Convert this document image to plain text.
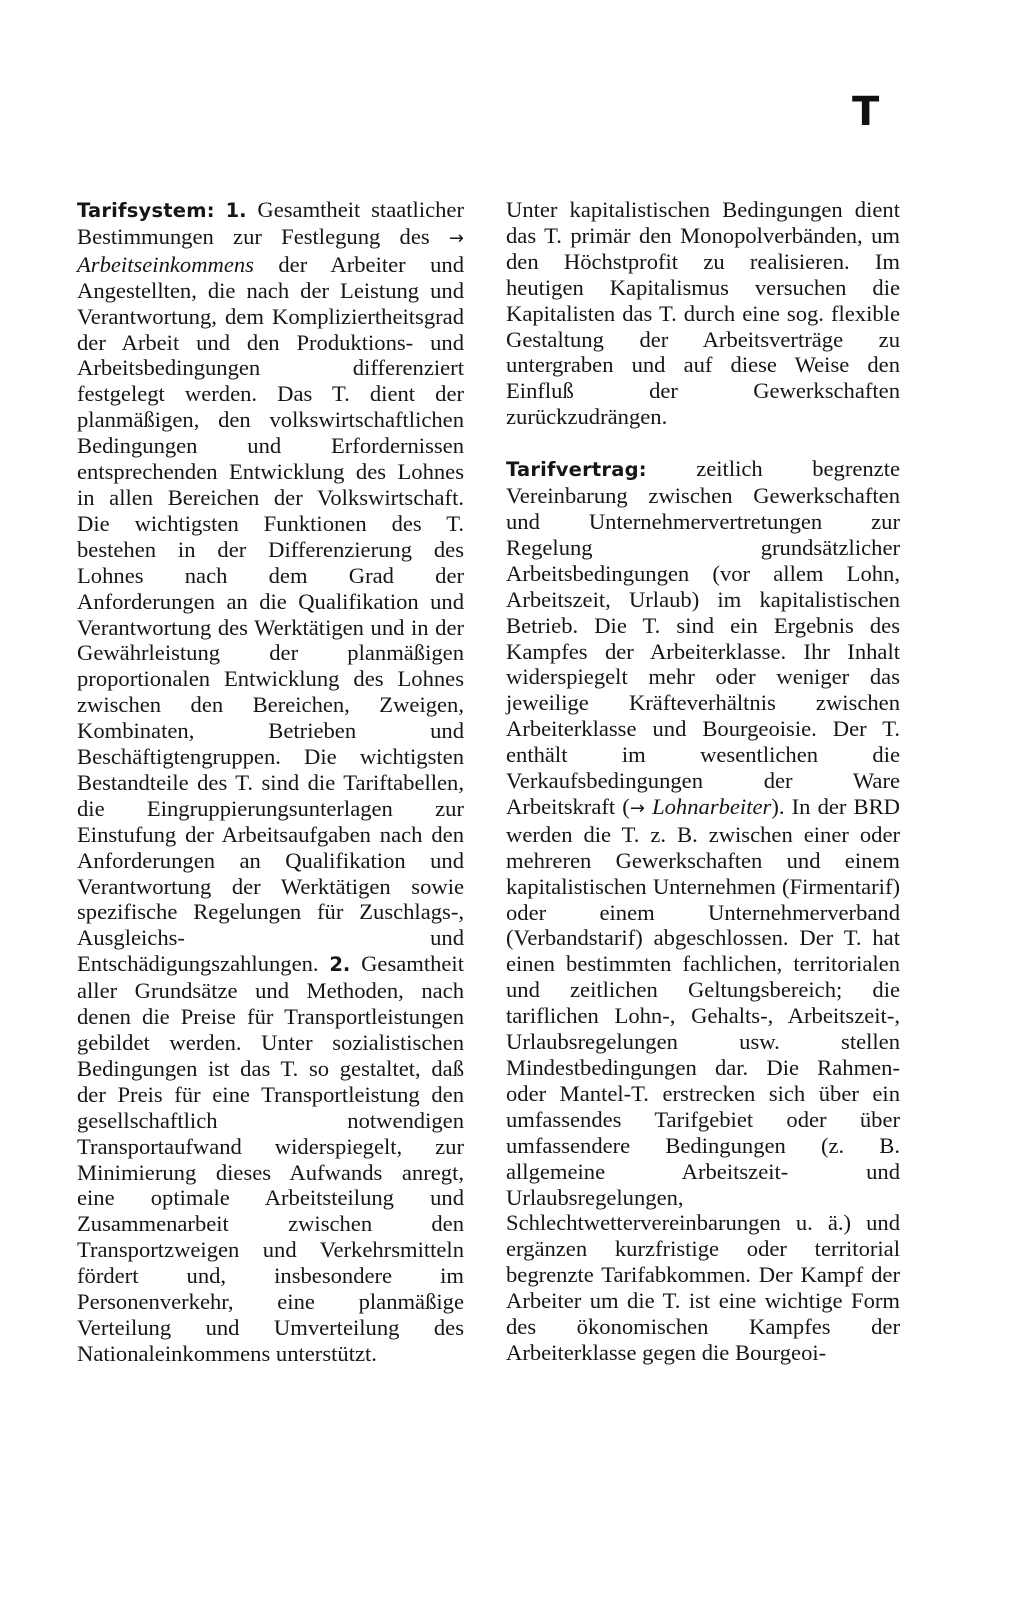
T

Tarifsystem: 1. Gesamtheit staatlicher Bestimmungen zur Festlegung des → Arbeitseinkommens der Arbeiter und Angestellten, die nach der Leistung und Verantwortung, dem Kompliziertheitsgrad der Arbeit und den Produktions- und Arbeitsbedingungen differenziert festgelegt werden. Das T. dient der planmäßigen, den volkswirtschaftlichen Bedingungen und Erfordernissen entsprechenden Entwicklung des Lohnes in allen Bereichen der Volkswirtschaft. Die wichtigsten Funktionen des T. bestehen in der Differenzierung des Lohnes nach dem Grad der Anforderungen an die Qualifikation und Verantwortung des Werktätigen und in der Gewährleistung der planmäßigen proportionalen Entwicklung des Lohnes zwischen den Bereichen, Zweigen, Kombinaten, Betrieben und Beschäftigtengruppen. Die wichtigsten Bestandteile des T. sind die Tariftabellen, die Eingruppierungsunterlagen zur Einstufung der Arbeitsaufgaben nach den Anforderungen an Qualifikation und Verantwortung der Werktätigen sowie spezifische Regelungen für Zuschlags-, Ausgleichs- und Entschädigungszahlungen. 2. Gesamtheit aller Grundsätze und Methoden, nach denen die Preise für Transportleistungen gebildet werden. Unter sozialistischen Bedingungen ist das T. so gestaltet, daß der Preis für eine Transportleistung den gesellschaftlich notwendigen Transportaufwand widerspiegelt, zur Minimierung dieses Aufwands anregt, eine optimale Arbeitsteilung und Zusammenarbeit zwischen den Transportzweigen und Verkehrsmitteln fördert und, insbesondere im Personenverkehr, eine planmäßige Verteilung und Umverteilung des Nationaleinkommens unterstützt.

Unter kapitalistischen Bedingungen dient das T. primär den Monopolverbänden, um den Höchstprofit zu realisieren. Im heutigen Kapitalismus versuchen die Kapitalisten das T. durch eine sog. flexible Gestaltung der Arbeitsverträge zu untergraben und auf diese Weise den Einfluß der Gewerkschaften zurückzudrängen.

Tarifvertrag: zeitlich begrenzte Vereinbarung zwischen Gewerkschaften und Unternehmervertretungen zur Regelung grundsätzlicher Arbeitsbedingungen (vor allem Lohn, Arbeitszeit, Urlaub) im kapitalistischen Betrieb. Die T. sind ein Ergebnis des Kampfes der Arbeiterklasse. Ihr Inhalt widerspiegelt mehr oder weniger das jeweilige Kräfteverhältnis zwischen Arbeiterklasse und Bourgeoisie. Der T. enthält im wesentlichen die Verkaufsbedingungen der Ware Arbeitskraft (→ Lohnarbeiter). In der BRD werden die T. z. B. zwischen einer oder mehreren Gewerkschaften und einem kapitalistischen Unternehmen (Firmentarif) oder einem Unternehmerverband (Verbandstarif) abgeschlossen. Der T. hat einen bestimmten fachlichen, territorialen und zeitlichen Geltungsbereich; die tariflichen Lohn-, Gehalts-, Arbeitszeit-, Urlaubsregelungen usw. stellen Mindestbedingungen dar. Die Rahmen- oder Mantel-T. erstrecken sich über ein umfassendes Tarifgebiet oder über umfassendere Bedingungen (z. B. allgemeine Arbeitszeit- und Urlaubsregelungen, Schlechtwettervereinbarungen u. ä.) und ergänzen kurzfristige oder territorial begrenzte Tarifabkommen. Der Kampf der Arbeiter um die T. ist eine wichtige Form des ökonomischen Kampfes der Arbeiterklasse gegen die Bourgeoi-
